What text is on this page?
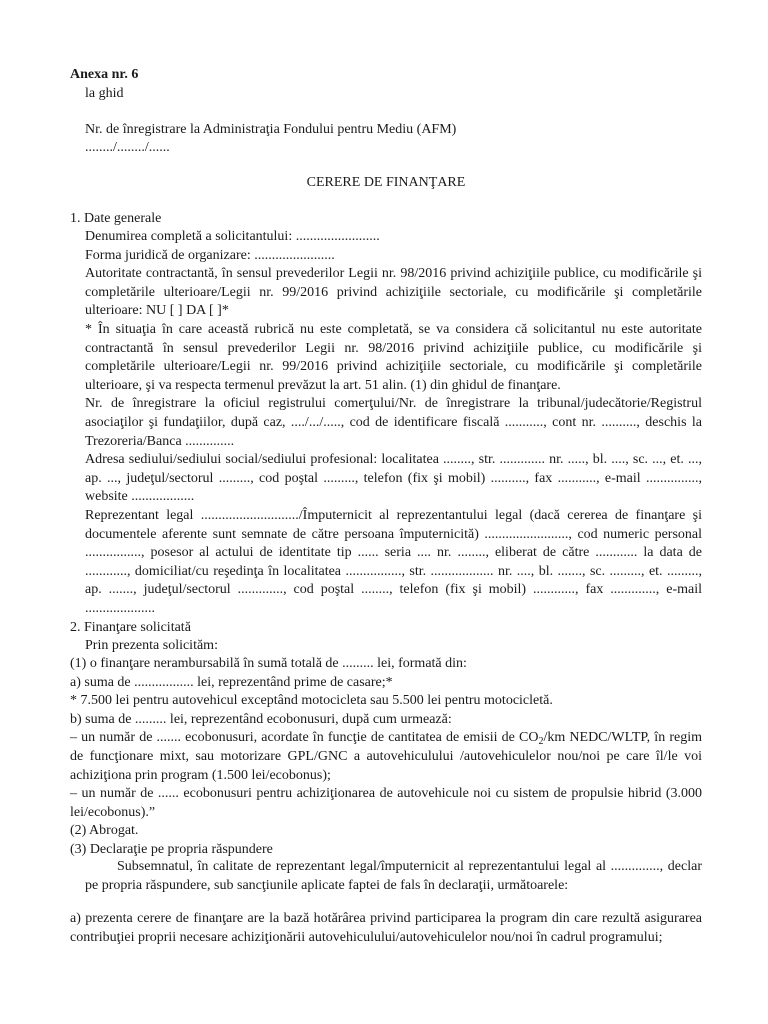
Anexa nr. 6

la ghid

Nr. de înregistrare la Administraţia Fondului pentru Mediu (AFM)

......../......../......

CERERE DE FINANŢARE

1. Date generale

Denumirea completă a solicitantului: ........................

Forma juridică de organizare: .......................

Autoritate contractantă, în sensul prevederilor Legii nr. 98/2016 privind achiziţiile publice, cu modificările şi completările ulterioare/Legii nr. 99/2016 privind achiziţiile sectoriale, cu modificările şi completările ulterioare: NU [ ] DA [ ]*

* În situaţia în care această rubrică nu este completată, se va considera că solicitantul nu este autoritate contractantă în sensul prevederilor Legii nr. 98/2016 privind achiziţiile publice, cu modificările şi completările ulterioare/Legii nr. 99/2016 privind achiziţiile sectoriale, cu modificările şi completările ulterioare, şi va respecta termenul prevăzut la art. 51 alin. (1) din ghidul de finanţare.

Nr. de înregistrare la oficiul registrului comerţului/Nr. de înregistrare la tribunal/judecătorie/Registrul asociaţilor şi fundaţiilor, după caz, ..../.../....., cod de identificare fiscală ..........., cont nr. .........., deschis la Trezoreria/Banca ..............

Adresa sediului/sediului social/sediului profesional: localitatea ........, str. ............. nr. ....., bl. ...., sc. ..., et. ..., ap. ..., judeţul/sectorul ........., cod poştal ........., telefon (fix şi mobil) .........., fax ..........., e-mail ..............., website ..................

Reprezentant legal ............................/Împuternicit al reprezentantului legal (dacă cererea de finanţare şi documentele aferente sunt semnate de către persoana împuternicită) ........................, cod numeric personal ................, posesor al actului de identitate tip ...... seria .... nr. ........, eliberat de către ............ la data de ............, domiciliat/cu reşedinţa în localitatea ................, str. .................. nr. ...., bl. ......., sc. ........., et. ........., ap. ......., judeţul/sectorul ............., cod poştal ........, telefon (fix şi mobil) ............, fax ............., e-mail ....................

2. Finanţare solicitată

Prin prezenta solicităm:

(1) o finanţare nerambursabilă în sumă totală de ......... lei, formată din:

a) suma de ................. lei, reprezentând prime de casare;*

* 7.500 lei pentru autovehicul exceptând motocicleta sau 5.500 lei pentru motocicletă.

b) suma de ......... lei, reprezentând ecobonusuri, după cum urmează:

– un număr de ....... ecobonusuri, acordate în funcţie de cantitatea de emisii de $CO_2/km$ NEDC/WLTP, în regim de funcţionare mixt, sau motorizare GPL/GNC a autovehiculului /autovehiculelor nou/noi pe care îl/le voi achiziţiona prin program (1.500 lei/ecobonus);

– un număr de ...... ecobonusuri pentru achiziţionarea de autovehicule noi cu sistem de propulsie hibrid (3.000 lei/ecobonus).”

(2) Abrogat.

(3) Declaraţie pe propria răspundere

Subsemnatul, în calitate de reprezentant legal/împuternicit al reprezentantului legal al .............., declar pe propria răspundere, sub sancţiunile aplicate faptei de fals în declaraţii, următoarele:

a) prezenta cerere de finanţare are la bază hotărârea privind participarea la program din care rezultă asigurarea contribuţiei proprii necesare achiziţionării autovehiculului/autovehiculelor nou/noi în cadrul programului;
